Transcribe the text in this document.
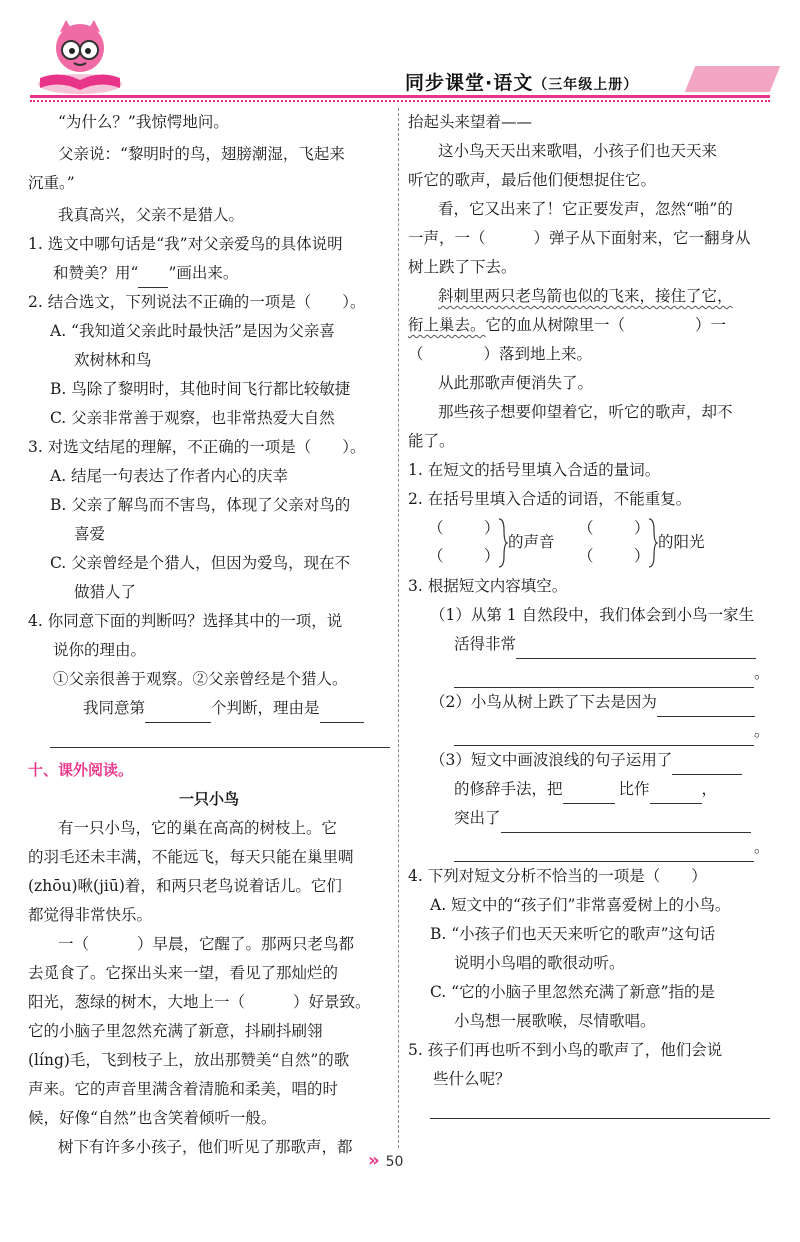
同步课堂·语文（三年级上册）

“为什么？”我惊愕地问。

父亲说：“黎明时的鸟，翅膀潮湿，飞起来

沉重。”

我真高兴，父亲不是猎人。

1. 选文中哪句话是“我”对父亲爱鸟的具体说明

和赞美？用“ ”画出来。

2. 结合选文，下列说法不正确的一项是（　　）。

A. “我知道父亲此时最快活”是因为父亲喜

欢树林和鸟

B. 鸟除了黎明时，其他时间飞行都比较敏捷

C. 父亲非常善于观察，也非常热爱大自然

3. 对选文结尾的理解，不正确的一项是（　　）。

A. 结尾一句表达了作者内心的庆幸

B. 父亲了解鸟而不害鸟，体现了父亲对鸟的

喜爱

C. 父亲曾经是个猎人，但因为爱鸟，现在不

做猎人了

4. 你同意下面的判断吗？选择其中的一项，说

说你的理由。

①父亲很善于观察。②父亲曾经是个猎人。

我同意第	个判断，理由是

十、课外阅读。

一只小鸟

有一只小鸟，它的巢在高高的树枝上。它

的羽毛还未丰满，不能远飞，每天只能在巢里啁

(zhōu)啾(jiū)着，和两只老鸟说着话儿。它们

都觉得非常快乐。

一（	）早晨，它醒了。那两只老鸟都

去觅食了。它探出头来一望，看见了那灿烂的

阳光，葱绿的树木，大地上一（	）好景致。

它的小脑子里忽然充满了新意，抖刷抖刷翎

(líng)毛，飞到枝子上，放出那赞美“自然”的歌

声来。它的声音里满含着清脆和柔美，唱的时

候，好像“自然”也含笑着倾听一般。

树下有许多小孩子，他们听见了那歌声，都

抬起头来望着——

这小鸟天天出来歌唱，小孩子们也天天来

听它的歌声，最后他们便想捉住它。

看，它又出来了！它正要发声，忽然“啪”的

一声，一（	）弹子从下面射来，它一翻身从

树上跌了下去。

斜刺里两只老鸟箭也似的飞来，接住了它，

衔上巢去。它的血从树隙里一（	）一

（	）落到地上来。

从此那歌声便消失了。

那些孩子想要仰望着它，听它的歌声，却不

能了。

1. 在短文的括号里填入合适的量词。

2. 在括号里填入合适的词语，不能重复。

（	）
（	）
的声音
（	）
（	）
的阳光

3. 根据短文内容填空。

（1）从第 1 自然段中，我们体会到小鸟一家生

活得非常

。

（2）小鸟从树上跌了下去是因为

。

（3）短文中画波浪线的句子运用了

的修辞手法，把	比作	，

突出了

。

4. 下列对短文分析不恰当的一项是（　　）

A. 短文中的“孩子们”非常喜爱树上的小鸟。

B. “小孩子们也天天来听它的歌声”这句话

说明小鸟唱的歌很动听。

C. “它的小脑子里忽然充满了新意”指的是

小鸟想一展歌喉，尽情歌唱。

5. 孩子们再也听不到小鸟的歌声了，他们会说

些什么呢？

» 50
